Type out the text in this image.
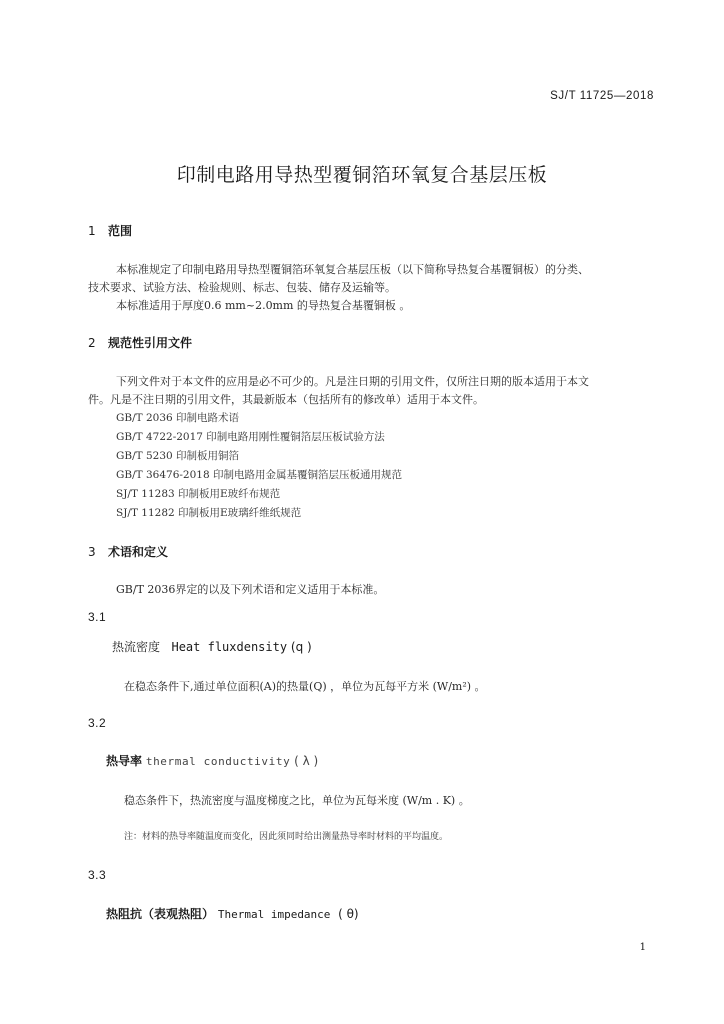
SJ/T 11725—2018
印制电路用导热型覆铜箔环氧复合基层压板
1 范围
本标准规定了印制电路用导热型覆铜箔环氧复合基层压板（以下简称导热复合基覆铜板）的分类、
技术要求、试验方法、检验规则、标志、包装、储存及运输等。
本标准适用于厚度0.6 mm~2.0mm 的导热复合基覆铜板 。
2 规范性引用文件
下列文件对于本文件的应用是必不可少的。凡是注日期的引用文件，仅所注日期的版本适用于本文
件。凡是不注日期的引用文件，其最新版本（包括所有的修改单）适用于本文件。
GB/T 2036 印制电路术语
GB/T 4722-2017 印制电路用刚性覆铜箔层压板试验方法
GB/T 5230 印制板用铜箔
GB/T 36476-2018 印制电路用金属基覆铜箔层压板通用规范
SJ/T 11283 印制板用E玻纤布规范
SJ/T 11282 印制板用E玻璃纤维纸规范
3 术语和定义
GB/T 2036界定的以及下列术语和定义适用于本标准。
3.1
热流密度 Heat fluxdensity (q )
在稳态条件下,通过单位面积(A)的热量(Q) ，单位为瓦每平方米 (W/m²) 。
3.2
热导率 thermal conductivity ( λ )
稳态条件下，热流密度与温度梯度之比，单位为瓦每米度 (W/m . K) 。
注：材料的热导率随温度而变化，因此须同时给出测量热导率时材料的平均温度。
3.3
热阻抗（表观热阻） Thermal impedance ( θ)
1
